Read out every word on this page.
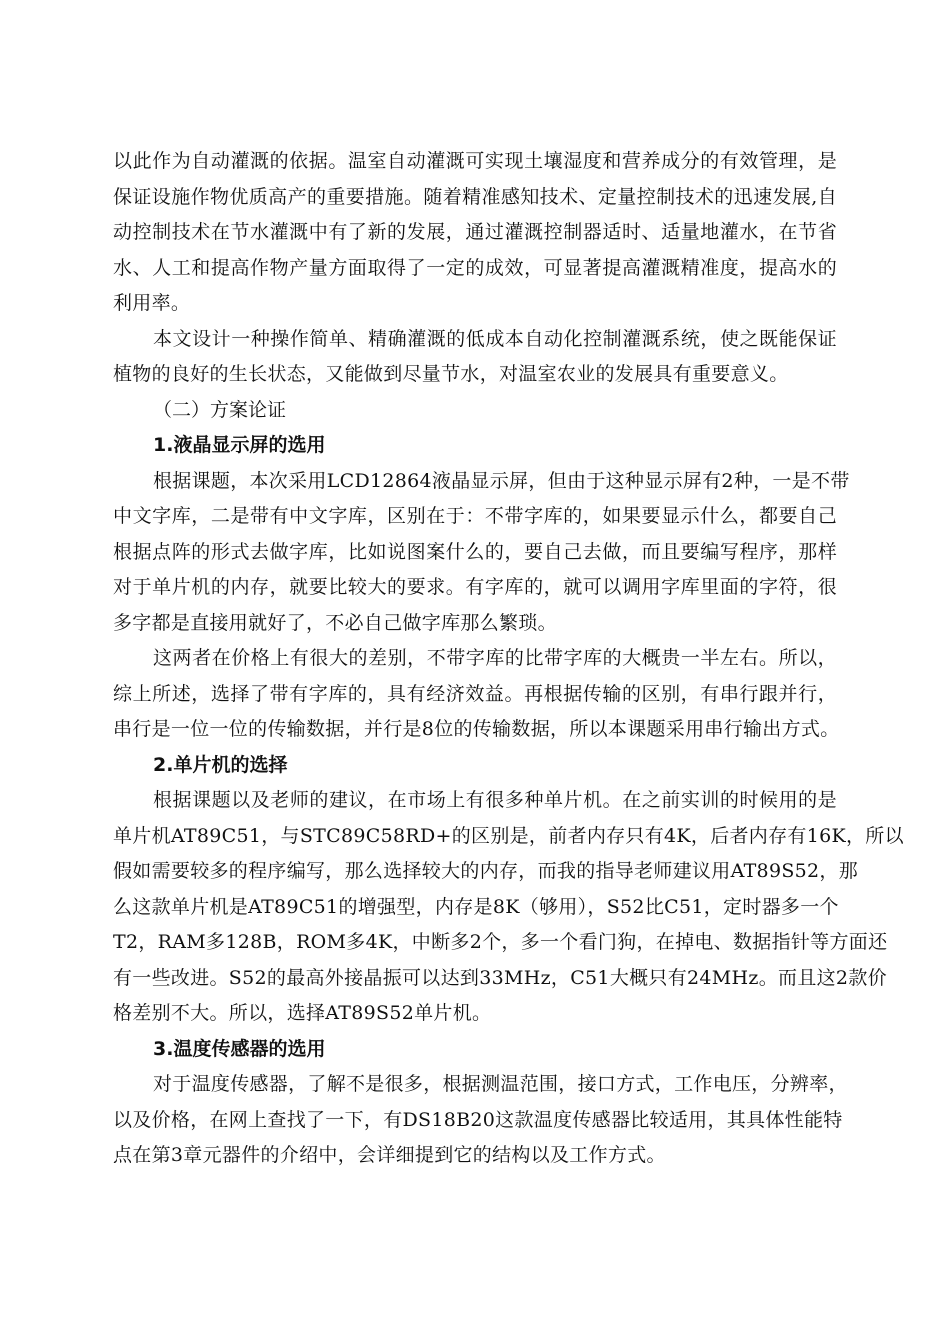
以此作为自动灌溉的依据。温室自动灌溉可实现土壤湿度和营养成分的有效管理，是
保证设施作物优质高产的重要措施。随着精准感知技术、定量控制技术的迅速发展,自
动控制技术在节水灌溉中有了新的发展，通过灌溉控制器适时、适量地灌水，在节省
水、人工和提高作物产量方面取得了一定的成效，可显著提高灌溉精准度，提高水的
利用率。

本文设计一种操作简单、精确灌溉的低成本自动化控制灌溉系统，使之既能保证
植物的良好的生长状态，又能做到尽量节水，对温室农业的发展具有重要意义。

（二）方案论证

1.液晶显示屏的选用

根据课题，本次采用LCD12864液晶显示屏，但由于这种显示屏有2种，一是不带
中文字库，二是带有中文字库，区别在于：不带字库的，如果要显示什么，都要自己
根据点阵的形式去做字库，比如说图案什么的，要自己去做，而且要编写程序，那样
对于单片机的内存，就要比较大的要求。有字库的，就可以调用字库里面的字符，很
多字都是直接用就好了，不必自己做字库那么繁琐。

这两者在价格上有很大的差别，不带字库的比带字库的大概贵一半左右。所以，
综上所述，选择了带有字库的，具有经济效益。再根据传输的区别，有串行跟并行，
串行是一位一位的传输数据，并行是8位的传输数据，所以本课题采用串行输出方式。

2.单片机的选择

根据课题以及老师的建议，在市场上有很多种单片机。在之前实训的时候用的是
单片机AT89C51，与STC89C58RD+的区别是，前者内存只有4K，后者内存有16K，所以
假如需要较多的程序编写，那么选择较大的内存，而我的指导老师建议用AT89S52，那
么这款单片机是AT89C51的增强型，内存是8K（够用），S52比C51，定时器多一个
T2，RAM多128B，ROM多4K，中断多2个，多一个看门狗，在掉电、数据指针等方面还
有一些改进。S52的最高外接晶振可以达到33MHz，C51大概只有24MHz。而且这2款价
格差别不大。所以，选择AT89S52单片机。

3.温度传感器的选用

对于温度传感器，了解不是很多，根据测温范围，接口方式，工作电压，分辨率，
以及价格，在网上查找了一下，有DS18B20这款温度传感器比较适用，其具体性能特
点在第3章元器件的介绍中，会详细提到它的结构以及工作方式。
